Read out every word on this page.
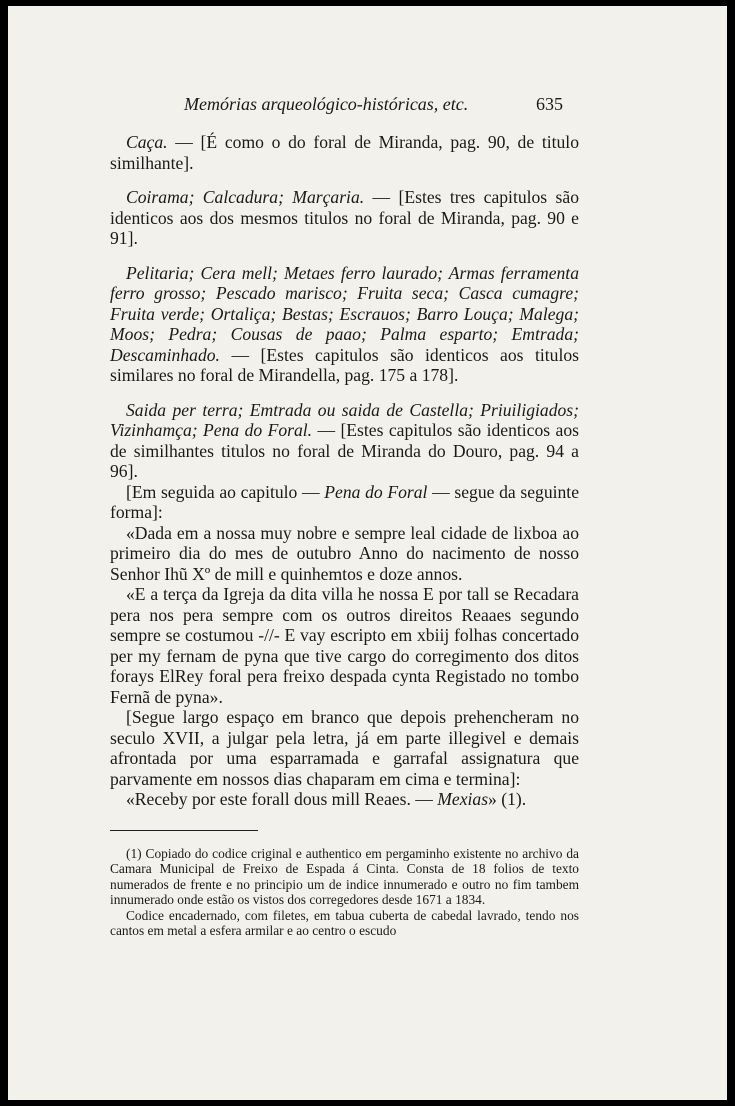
Memórias arqueológico-históricas, etc.	635

Caça. — [É como o do foral de Miranda, pag. 90, de titulo similhante].

Coirama; Calcadura; Marçaria. — [Estes tres capitulos são identicos aos dos mesmos titulos no foral de Miranda, pag. 90 e 91].

Pelitaria; Cera mell; Metaes ferro laurado; Armas ferramenta ferro grosso; Pescado marisco; Fruita seca; Casca cumagre; Fruita verde; Ortaliça; Bestas; Escrauos; Barro Louça; Malega; Moos; Pedra; Cousas de paao; Palma esparto; Emtrada; Descaminhado. — [Estes capitulos são identicos aos titulos similares no foral de Mirandella, pag. 175 a 178].

Saida per terra; Emtrada ou saida de Castella; Priuiligiados; Vizinhamça; Pena do Foral. — [Estes capitulos são identicos aos de similhantes titulos no foral de Miranda do Douro, pag. 94 a 96].

[Em seguida ao capitulo — Pena do Foral — segue da seguinte forma]:

«Dada em a nossa muy nobre e sempre leal cidade de lixboa ao primeiro dia do mes de outubro Anno do nacimento de nosso Senhor Ihũ Xº de mill e quinhemtos e doze annos.

«E a terça da Igreja da dita villa he nossa E por tall se Recadara pera nos pera sempre com os outros direitos Reaaes segundo sempre se costumou -//- E vay escripto em xbiij folhas concertado per my fernam de pyna que tive cargo do corregimento dos ditos forays ElRey foral pera freixo despada cynta Registado no tombo Fernã de pyna».

[Segue largo espaço em branco que depois prehencheram no seculo XVII, a julgar pela letra, já em parte illegivel e demais afrontada por uma esparramada e garrafal assignatura que parvamente em nossos dias chaparam em cima e termina]:

«Receby por este forall dous mill Reaes. — Mexias» (1).

(1) Copiado do codice criginal e authentico em pergaminho existente no archivo da Camara Municipal de Freixo de Espada á Cinta. Consta de 18 folios de texto numerados de frente e no principio um de indice innumerado e outro no fim tambem innumerado onde estão os vistos dos corregedores desde 1671 a 1834.

Codice encadernado, com filetes, em tabua cuberta de cabedal lavrado, tendo nos cantos em metal a esfera armilar e ao centro o escudo
